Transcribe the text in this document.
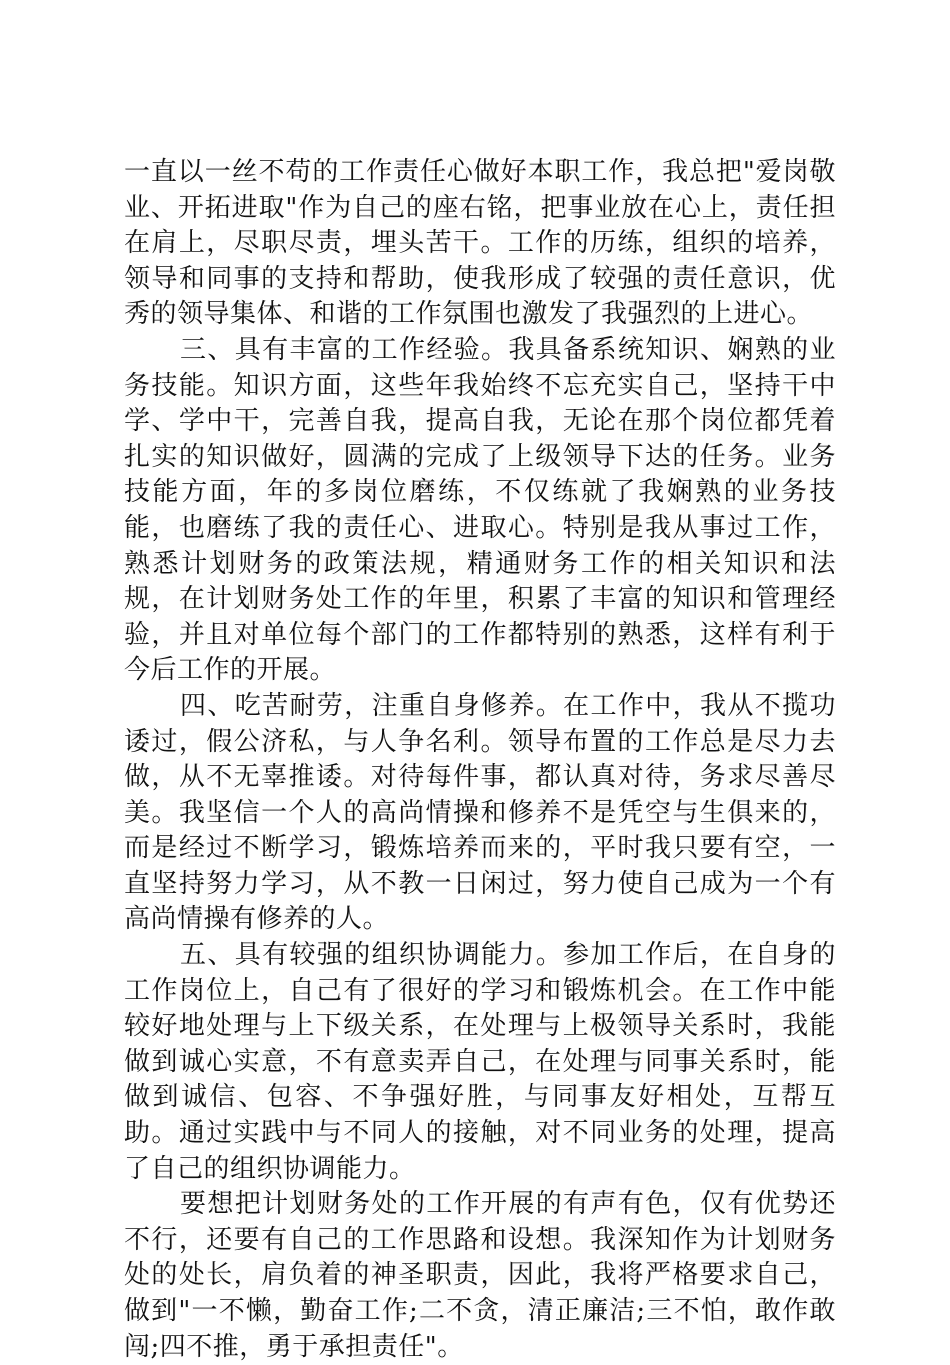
一直以一丝不苟的工作责任心做好本职工作，我总把"爱岗敬业、开拓进取"作为自己的座右铭，把事业放在心上，责任担在肩上，尽职尽责，埋头苦干。工作的历练，组织的培养，领导和同事的支持和帮助，使我形成了较强的责任意识，优秀的领导集体、和谐的工作氛围也激发了我强烈的上进心。

三、具有丰富的工作经验。我具备系统知识、娴熟的业务技能。知识方面，这些年我始终不忘充实自己，坚持干中学、学中干，完善自我，提高自我，无论在那个岗位都凭着扎实的知识做好，圆满的完成了上级领导下达的任务。业务技能方面，年的多岗位磨练，不仅练就了我娴熟的业务技能，也磨练了我的责任心、进取心。特别是我从事过工作，熟悉计划财务的政策法规，精通财务工作的相关知识和法规，在计划财务处工作的年里，积累了丰富的知识和管理经验，并且对单位每个部门的工作都特别的熟悉，这样有利于今后工作的开展。

四、吃苦耐劳，注重自身修养。在工作中，我从不揽功诿过，假公济私，与人争名利。领导布置的工作总是尽力去做，从不无辜推诿。对待每件事，都认真对待，务求尽善尽美。我坚信一个人的高尚情操和修养不是凭空与生俱来的，而是经过不断学习，锻炼培养而来的，平时我只要有空，一直坚持努力学习，从不教一日闲过，努力使自己成为一个有高尚情操有修养的人。

五、具有较强的组织协调能力。参加工作后，在自身的工作岗位上，自己有了很好的学习和锻炼机会。在工作中能较好地处理与上下级关系，在处理与上极领导关系时，我能做到诚心实意，不有意卖弄自己，在处理与同事关系时，能做到诚信、包容、不争强好胜，与同事友好相处，互帮互助。通过实践中与不同人的接触，对不同业务的处理，提高了自己的组织协调能力。

要想把计划财务处的工作开展的有声有色，仅有优势还不行，还要有自己的工作思路和设想。我深知作为计划财务处的处长，肩负着的神圣职责，因此，我将严格要求自己，做到"一不懒，勤奋工作;二不贪，清正廉洁;三不怕，敢作敢闯;四不推，勇于承担责任"。
